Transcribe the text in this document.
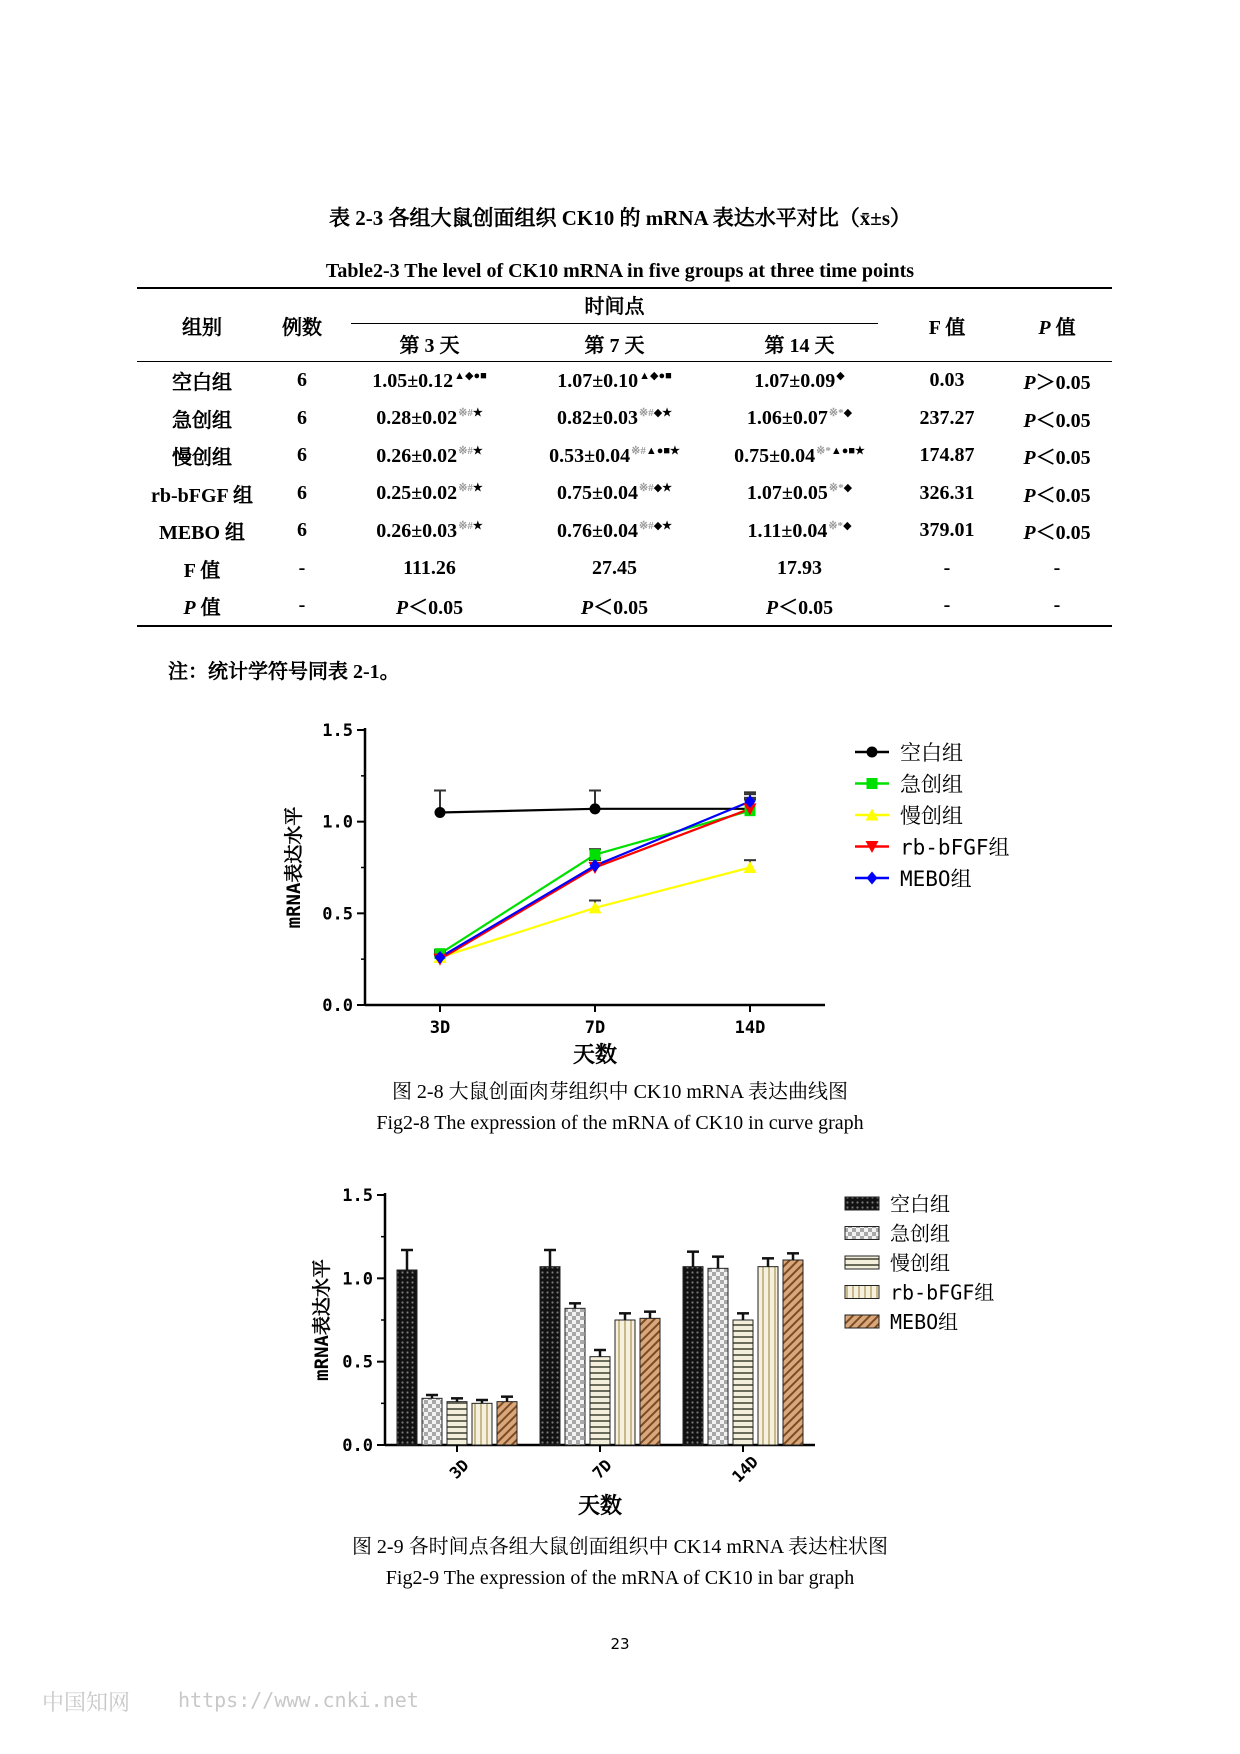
表 2-3 各组大鼠创面组织 CK10 的 mRNA 表达水平对比（x̄±s）
Table2-3 The level of CK10 mRNA in five groups at three time points
组别	例数	时间点			F 值	P 值
		第 3 天	第 7 天	第 14 天		
空白组	6	1.05±0.12▲◆●■	1.07±0.10▲◆●■	1.07±0.09◆	0.03	P＞0.05
急创组	6	0.28±0.02※#★	0.82±0.03※#◆★	1.06±0.07※*◆	237.27	P＜0.05
慢创组	6	0.26±0.02※#★	0.53±0.04※#▲●■★	0.75±0.04※*▲●■★	174.87	P＜0.05
rb-bFGF 组	6	0.25±0.02※#★	0.75±0.04※#◆★	1.07±0.05※*◆	326.31	P＜0.05
MEBO 组	6	0.26±0.03※#★	0.76±0.04※#◆★	1.11±0.04※*◆	379.01	P＜0.05
F 值	-	111.26	27.45	17.93	-	-
P 值	-	P＜0.05	P＜0.05	P＜0.05	-	-
注：统计学符号同表 2-1。
0.0
0.5
1.0
1.5
3D	7D	14D
天数
mRNA表达水平
空白组
急创组
慢创组
rb-bFGF组
MEBO组
图 2-8 大鼠创面肉芽组织中 CK10 mRNA 表达曲线图
Fig2-8 The expression of the mRNA of CK10 in curve graph
0.0
0.5
1.0
1.5
3D	7D	14D
天数
mRNA表达水平
空白组
急创组
慢创组
rb-bFGF组
MEBO组
图 2-9 各时间点各组大鼠创面组织中 CK14 mRNA 表达柱状图
Fig2-9 The expression of the mRNA of CK10 in bar graph
23
中国知网 https://www.cnki.net
